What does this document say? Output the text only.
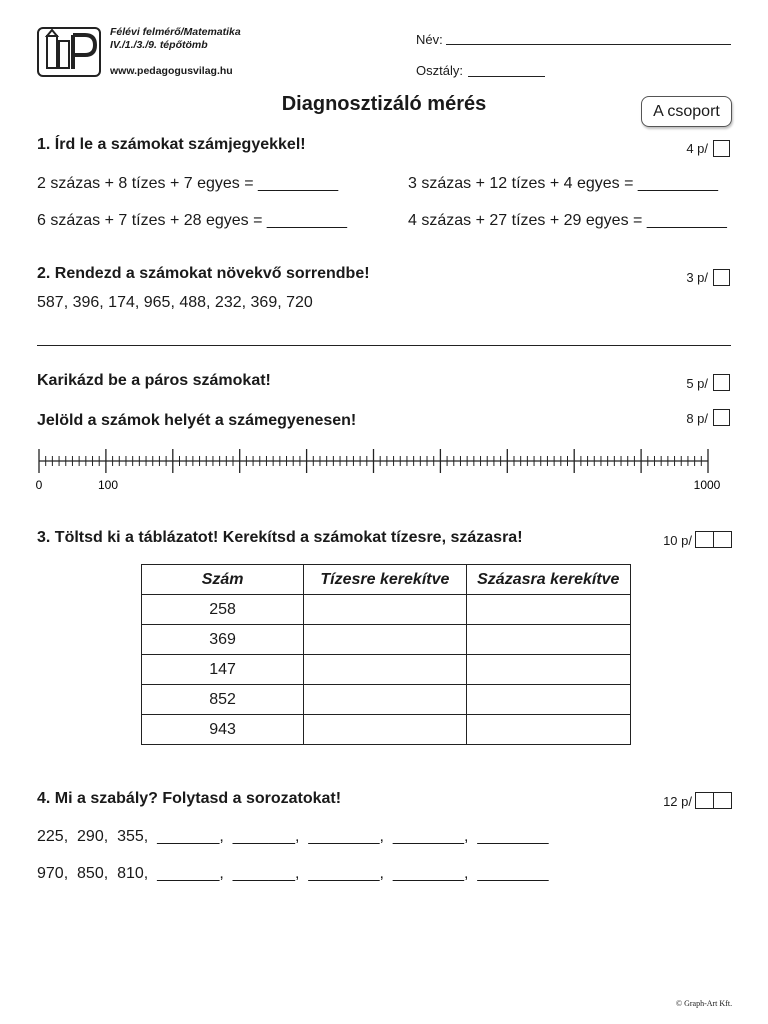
Félévi felmérő/Matematika
IV./1./3./9. tépőtömb
www.pedagogusvilag.hu
Név:
Osztály:
Diagnosztizáló mérés	A csoport
1. Írd le a számokat számjegyekkel!	4 p/
2 százas + 8 tízes + 7 egyes = _________	3 százas + 12 tízes + 4 egyes = _________
6 százas + 7 tízes + 28 egyes = _________	4 százas + 27 tízes + 29 egyes = _________
2. Rendezd a számokat növekvő sorrendbe!	3 p/
587, 396, 174, 965, 488, 232, 369, 720
Karikázd be a páros számokat!	5 p/
Jelöld a számok helyét a számegyenesen!	8 p/
0	100	1000
3. Töltsd ki a táblázatot! Kerekítsd a számokat tízesre, százasra!	10 p/
Szám	Tízesre kerekítve	Százasra kerekítve
258		
369		
147		
852		
943		
4. Mi a szabály? Folytasd a sorozatokat!	12 p/
225,  290,  355,  _______,  _______,  ________,  ________,  ________
970,  850,  810,  _______,  _______,  ________,  ________,  ________
© Graph-Art Kft.
